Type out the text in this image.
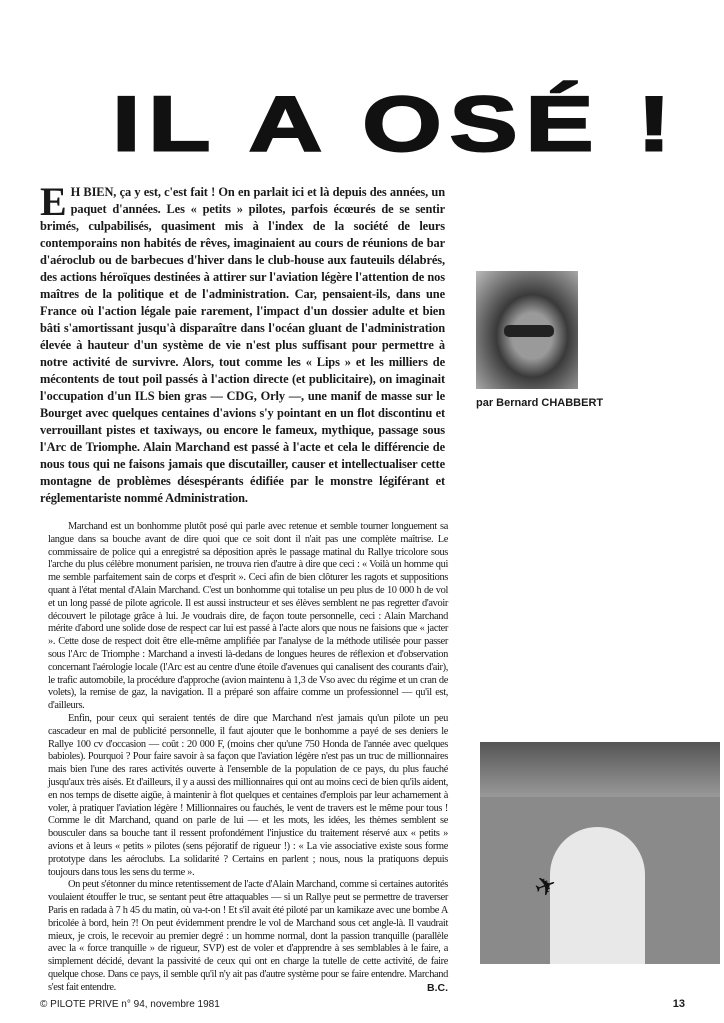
IL A OSÉ !
par Bernard CHABBERT
✈

E H BIEN, ça y est, c'est fait ! On en parlait ici et là depuis des années, un paquet d'années. Les « petits » pilotes, parfois écœurés de se sentir brimés, culpabilisés, quasiment mis à l'index de la société de leurs contemporains non habités de rêves, imaginaient au cours de réunions de bar d'aéroclub ou de barbecues d'hiver dans le club-house aux fauteuils délabrés, des actions héroïques destinées à attirer sur l'aviation légère l'attention de nos maîtres de la politique et de l'administration. Car, pensaient-ils, dans une France où l'action légale paie rarement, l'impact d'un dossier adulte et bien bâti s'amortissant jusqu'à disparaître dans l'océan gluant de l'administration élevée à hauteur d'un système de vie n'est plus suffisant pour permettre à notre activité de survivre. Alors, tout comme les « Lips » et les milliers de mécontents de tout poil passés à l'action directe (et publicitaire), on imaginait l'occupation d'un ILS bien gras — CDG, Orly —, une manif de masse sur le Bourget avec quelques centaines d'avions s'y pointant en un flot discontinu et verrouillant pistes et taxiways, ou encore le fameux, mythique, passage sous l'Arc de Triomphe. Alain Marchand est passé à l'acte et cela le différencie de nous tous qui ne faisons jamais que discutailler, causer et intellectualiser cette montagne de problèmes désespérants édifiée par le monstre légiférant et réglementariste nommé Administration.

Marchand est un bonhomme plutôt posé qui parle avec retenue et semble tourner longuement sa langue dans sa bouche avant de dire quoi que ce soit dont il n'ait pas une complète maîtrise. Le commissaire de police qui a enregistré sa déposition après le passage matinal du Rallye tricolore sous l'arche du plus célèbre monument parisien, ne trouva rien d'autre à dire que ceci : « Voilà un homme qui me semble parfaitement sain de corps et d'esprit ». Ceci afin de bien clôturer les ragots et suppositions quant à l'état mental d'Alain Marchand. C'est un bonhomme qui totalise un peu plus de 10 000 h de vol et un long passé de pilote agricole. Il est aussi instructeur et ses élèves semblent ne pas regretter d'avoir découvert le pilotage grâce à lui. Je voudrais dire, de façon toute personnelle, ceci : Alain Marchand mérite d'abord une solide dose de respect car lui est passé à l'acte alors que nous ne faisions que « jacter ». Cette dose de respect doit être elle-même amplifiée par l'analyse de la méthode utilisée pour passer sous l'Arc de Triomphe : Marchand a investi là-dedans de longues heures de réflexion et d'observation concernant l'aérologie locale (l'Arc est au centre d'une étoile d'avenues qui canalisent des courants d'air), le trafic automobile, la procédure d'approche (avion maintenu à 1,3 de Vso avec du régime et un cran de volets), la remise de gaz, la navigation. Il a préparé son affaire comme un professionnel — qu'il est, d'ailleurs.

Enfin, pour ceux qui seraient tentés de dire que Marchand n'est jamais qu'un pilote un peu cascadeur en mal de publicité personnelle, il faut ajouter que le bonhomme a payé de ses deniers le Rallye 100 cv d'occasion — coût : 20 000 F, (moins cher qu'une 750 Honda de l'année avec quelques babioles). Pourquoi ? Pour faire savoir à sa façon que l'aviation légère n'est pas un truc de millionnaires mais bien l'une des rares activités ouverte à l'ensemble de la population de ce pays, du plus fauché jusqu'aux très aisés. Et d'ailleurs, il y a aussi des millionnaires qui ont au moins ceci de bien qu'ils aident, en nos temps de disette aigüe, à maintenir à flot quelques et centaines d'emplois par leur acharnement à voler, à pratiquer l'aviation légère ! Millionnaires ou fauchés, le vent de travers est le même pour tous ! Comme le dit Marchand, quand on parle de lui — et les mots, les idées, les thèmes semblent se bousculer dans sa bouche tant il ressent profondément l'injustice du traitement réservé aux « petits » avions et à leurs « petits » pilotes (sens péjoratif de rigueur !) : « La vie associative existe sous forme prototype dans les aéroclubs. La solidarité ? Certains en parlent ; nous, nous la pratiquons depuis toujours dans tous les sens du terme ».

On peut s'étonner du mince retentissement de l'acte d'Alain Marchand, comme si certaines autorités voulaient étouffer le truc, se sentant peut être attaquables — si un Rallye peut se permettre de traverser Paris en radada à 7 h 45 du matin, où va-t-on ! Et s'il avait été piloté par un kamikaze avec une bombe A bricolée à bord, hein ?! On peut évidemment prendre le vol de Marchand sous cet angle-là. Il vaudrait mieux, je crois, le recevoir au premier degré : un homme normal, dont la passion tranquille (parallèle avec la « force tranquille » de rigueur, SVP) est de voler et d'apprendre à ses semblables à le faire, a simplement décidé, devant la passivité de ceux qui ont en charge la tutelle de cette activité, de faire quelque chose. Dans ce pays, il semble qu'il n'y ait pas d'autre système pour se faire entendre. Marchand s'est fait entendre.	B.C.

© PILOTE PRIVE n° 94, novembre 1981	13
